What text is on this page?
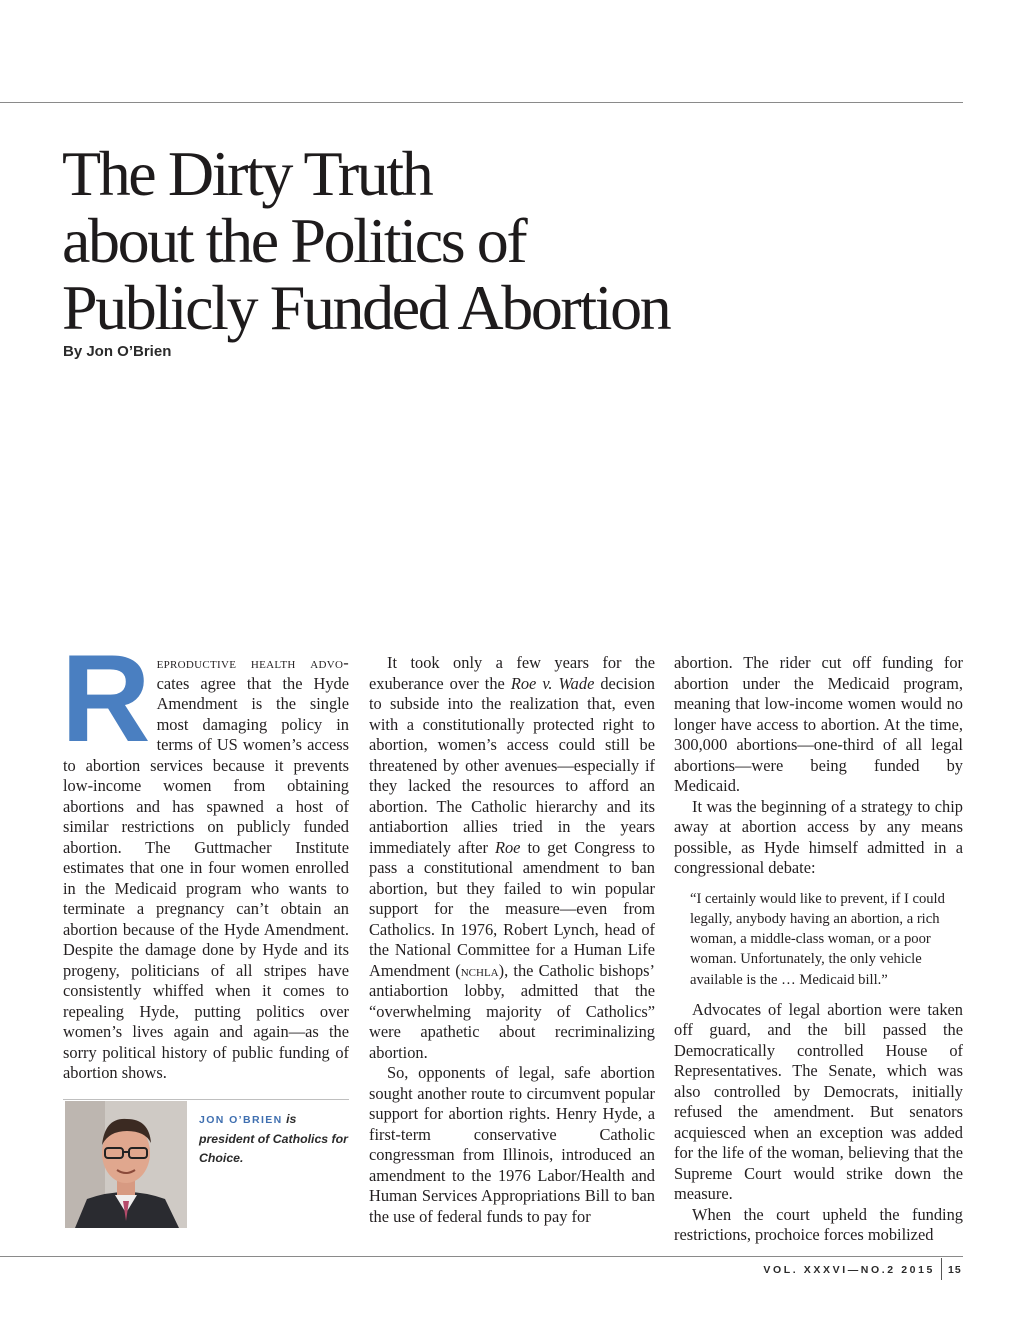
The Dirty Truth
about the Politics of
Publicly Funded Abortion
By Jon O’Brien

Reproductive health advo- cates agree that the Hyde Amendment is the single most damaging policy in terms of US women’s access to abortion services because it prevents low-income women from obtaining abortions and has spawned a host of similar restrictions on publicly funded abortion. The Guttmacher Institute estimates that one in four women enrolled in the Medicaid program who wants to terminate a pregnancy can’t obtain an abortion because of the Hyde Amendment. Despite the damage done by Hyde and its progeny, politicians of all stripes have consistently whiffed when it comes to repealing Hyde, putting politics over women’s lives again and again—as the sorry political history of public funding of abortion shows.

JON O’BRIEN is president of Catholics for Choice.

It took only a few years for the exuberance over the Roe v. Wade decision to subside into the realization that, even with a constitutionally protected right to abortion, women’s access could still be threatened by other avenues—especially if they lacked the resources to afford an abortion. The Catholic hierarchy and its antiabortion allies tried in the years immediately after Roe to get Congress to pass a constitutional amendment to ban abortion, but they failed to win popular support for the measure—even from Catholics. In 1976, Robert Lynch, head of the National Committee for a Human Life Amendment (nchla), the Catholic bishops’ antiabortion lobby, admitted that the “overwhelming majority of Catholics” were apathetic about recriminalizing abortion.

So, opponents of legal, safe abortion sought another route to circumvent popular support for abortion rights. Henry Hyde, a first-term conservative Catholic congressman from Illinois, introduced an amendment to the 1976 Labor/Health and Human Services Appropriations Bill to ban the use of federal funds to pay for

abortion. The rider cut off funding for abortion under the Medicaid program, meaning that low-income women would no longer have access to abortion. At the time, 300,000 abortions—one-third of all legal abortions—were being funded by Medicaid.

It was the beginning of a strategy to chip away at abortion access by any means possible, as Hyde himself admitted in a congressional debate:

“I certainly would like to prevent, if I could legally, anybody having an abortion, a rich woman, a middle-class woman, or a poor woman. Unfortunately, the only vehicle available is the … Medicaid bill.”

Advocates of legal abortion were taken off guard, and the bill passed the Democratically controlled House of Representatives. The Senate, which was also controlled by Democrats, initially refused the amendment. But senators acquiesced when an exception was added for the life of the woman, believing that the Supreme Court would strike down the measure.

When the court upheld the funding restrictions, prochoice forces mobilized

VOL. XXXVI—NO.2 2015 15
